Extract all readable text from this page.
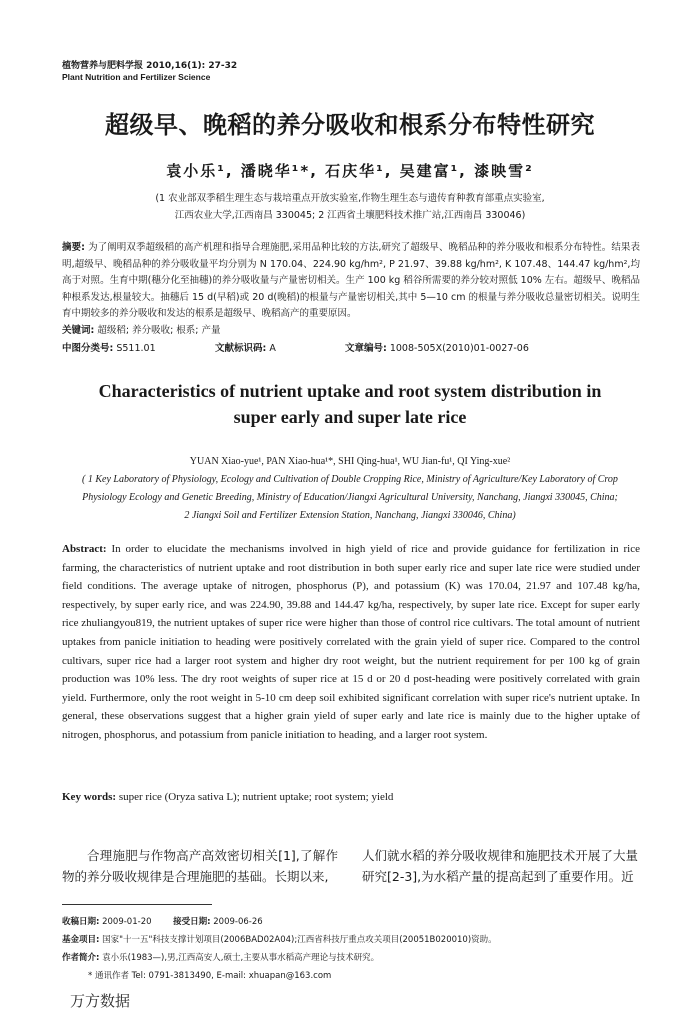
植物营养与肥料学报 2010,16(1): 27-32
Plant Nutrition and Fertilizer Science
超级早、晚稻的养分吸收和根系分布特性研究
袁小乐¹, 潘晓华¹*, 石庆华¹, 吴建富¹, 漆映雪²
(1 农业部双季稻生理生态与栽培重点开放实验室,作物生理生态与遗传育种教育部重点实验室,
江西农业大学,江西南昌 330045; 2 江西省土壤肥料技术推广站,江西南昌 330046)
摘要: 为了阐明双季超级稻的高产机理和指导合理施肥,采用品种比较的方法,研究了超级早、晚稻品种的养分吸收和根系分布特性。结果表明,超级早、晚稻品种的养分吸收量平均分别为 N 170.04、224.90 kg/hm², P 21.97、39.88 kg/hm², K 107.48、144.47 kg/hm²,均高于对照。生育中期(穗分化至抽穗)的养分吸收量与产量密切相关。生产 100 kg 稻谷所需要的养分较对照低 10% 左右。超级早、晚稻品种根系发达,根量较大。抽穗后 15 d(早稻)或 20 d(晚稻)的根量与产量密切相关,其中 5—10 cm 的根量与养分吸收总量密切相关。说明生育中期较多的养分吸收和发达的根系是超级早、晚稻高产的重要原因。
关键词: 超级稻; 养分吸收; 根系; 产量
中图分类号: S511.01	文献标识码: A	文章编号: 1008-505X(2010)01-0027-06
Characteristics of nutrient uptake and root system distribution in
super early and super late rice
YUAN Xiao-yue¹, PAN Xiao-hua¹*, SHI Qing-hua¹, WU Jian-fu¹, QI Ying-xue²
( 1 Key Laboratory of Physiology, Ecology and Cultivation of Double Cropping Rice, Ministry of Agriculture/Key Laboratory of Crop
Physiology Ecology and Genetic Breeding, Ministry of Education/Jiangxi Agricultural University, Nanchang, Jiangxi 330045, China;
2 Jiangxi Soil and Fertilizer Extension Station, Nanchang, Jiangxi 330046, China)
Abstract: In order to elucidate the mechanisms involved in high yield of rice and provide guidance for fertilization in rice farming, the characteristics of nutrient uptake and root distribution in both super early rice and super late rice were studied under field conditions. The average uptake of nitrogen, phosphorus (P), and potassium (K) was 170.04, 21.97 and 107.48 kg/ha, respectively, by super early rice, and was 224.90, 39.88 and 144.47 kg/ha, respectively, by super late rice. Except for super early rice zhuliangyou819, the nutrient uptakes of super rice were higher than those of control rice cultivars. The total amount of nutrient uptakes from panicle initiation to heading were positively correlated with the grain yield of super rice. Compared to the control cultivars, super rice had a larger root system and higher dry root weight, but the nutrient requirement for per 100 kg of grain production was 10% less. The dry root weights of super rice at 15 d or 20 d post-heading were positively correlated with grain yield. Furthermore, only the root weight in 5-10 cm deep soil exhibited significant correlation with super rice's nutrient uptake. In general, these observations suggest that a higher grain yield of super early and late rice is mainly due to the higher uptake of nitrogen, phosphorus, and potassium from panicle initiation to heading, and a larger root system.
Key words: super rice (Oryza sativa L); nutrient uptake; root system; yield
合理施肥与作物高产高效密切相关[1],了解作物的养分吸收规律是合理施肥的基础。长期以来,
人们就水稻的养分吸收规律和施肥技术开展了大量研究[2-3],为水稻产量的提高起到了重要作用。近
收稿日期: 2009-01-20	接受日期: 2009-06-26
基金项目: 国家"十一五"科技支撑计划项目(2006BAD02A04);江西省科技厅重点攻关项目(20051B020010)资助。
作者简介: 袁小乐(1983—),男,江西高安人,硕士,主要从事水稻高产理论与技术研究。
* 通讯作者 Tel: 0791-3813490, E-mail: xhuapan@163.com
万方数据
